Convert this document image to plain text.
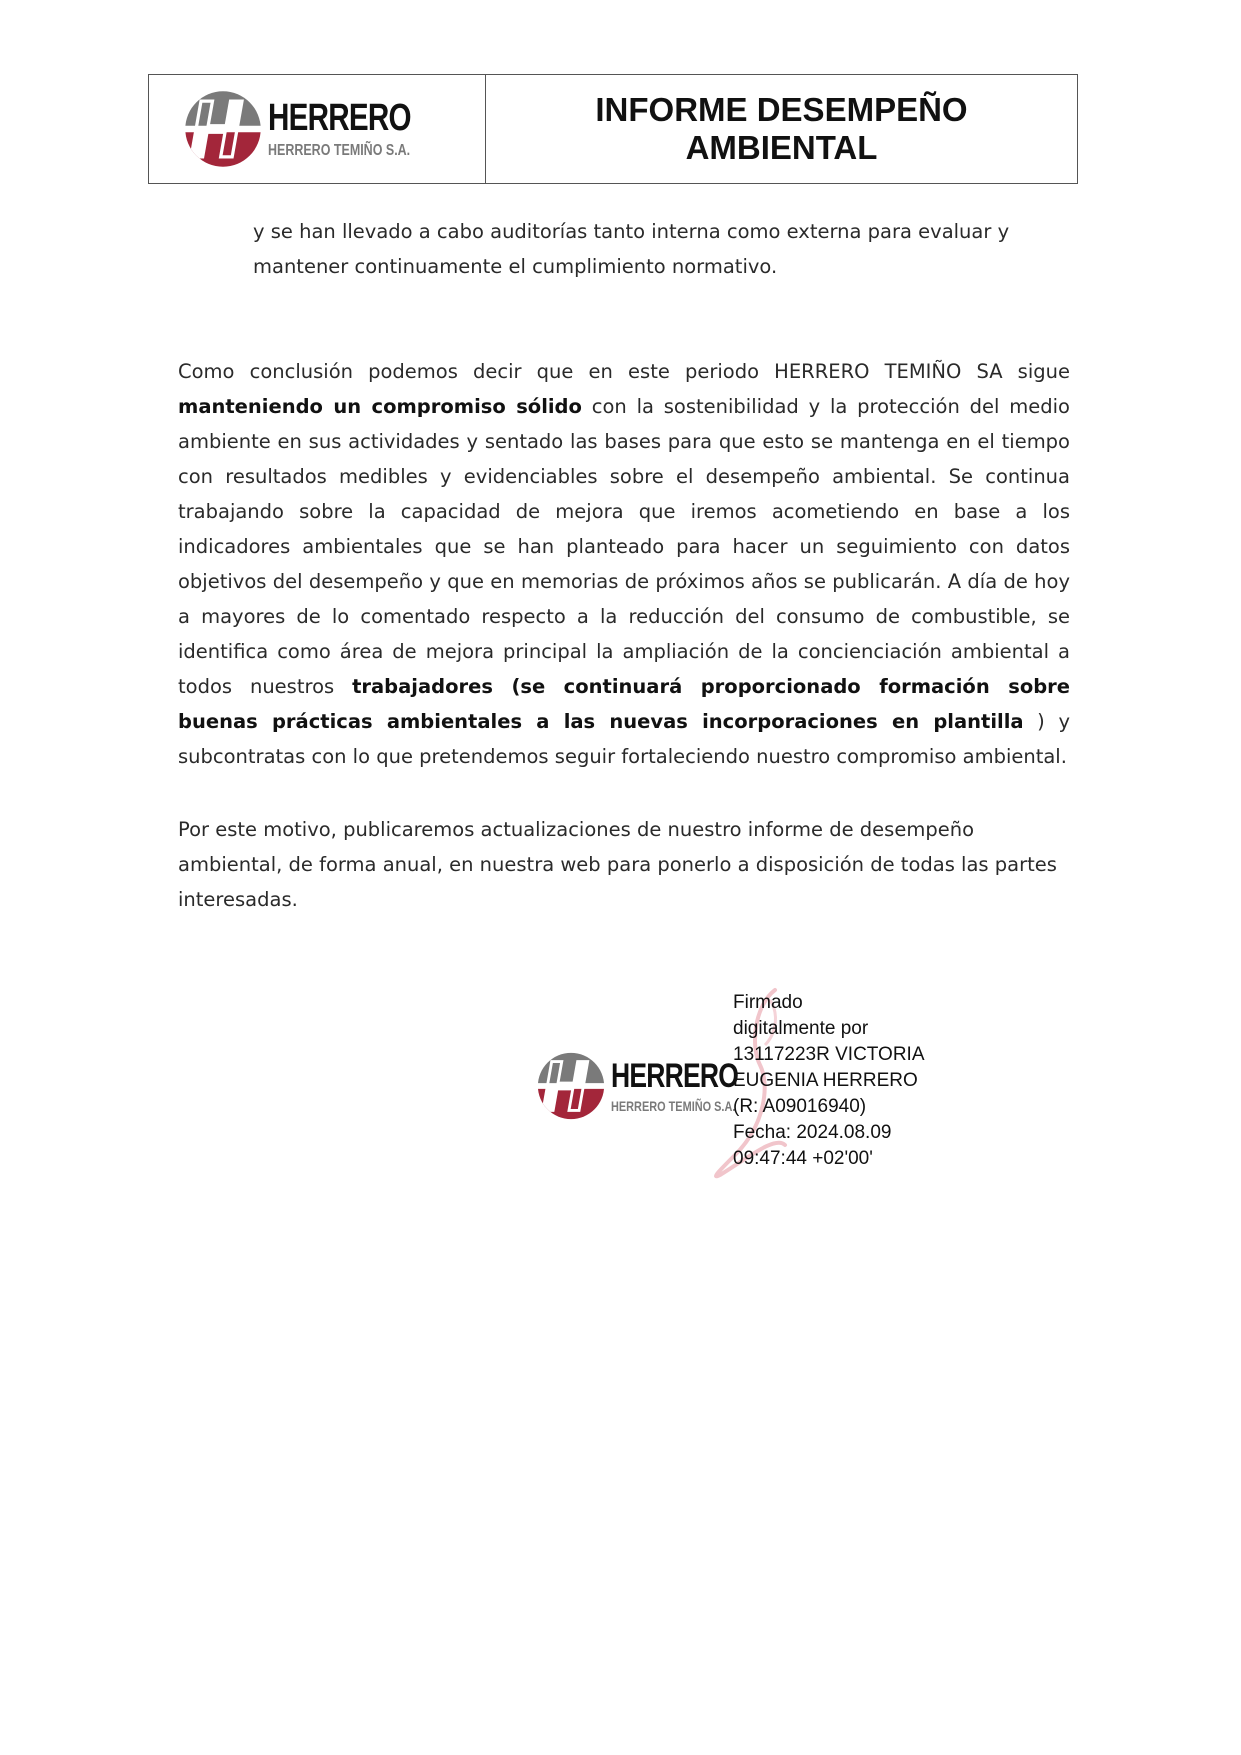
HERRERO
HERRERO TEMIÑO S.A.
INFORME DESEMPEÑO
AMBIENTAL
y se han llevado a cabo auditorías tanto interna como externa para evaluar y mantener continuamente el cumplimiento normativo.
Como conclusión podemos decir que en este periodo HERRERO TEMIÑO SA sigue manteniendo un compromiso sólido con la sostenibilidad y la protección del medio ambiente en sus actividades y sentado las bases para que esto se mantenga en el tiempo con resultados medibles y evidenciables sobre el desempeño ambiental. Se continua trabajando sobre la capacidad de mejora que iremos acometiendo en base a los indicadores ambientales que se han planteado para hacer un seguimiento con datos objetivos del desempeño y que en memorias de próximos años se publicarán. A día de hoy a mayores de lo comentado respecto a la reducción del consumo de combustible, se identifica como área de mejora principal la ampliación de la concienciación ambiental a todos nuestros trabajadores (se continuará proporcionado formación sobre buenas prácticas ambientales a las nuevas incorporaciones en plantilla ) y subcontratas con lo que pretendemos seguir fortaleciendo nuestro compromiso ambiental.
Por este motivo, publicaremos actualizaciones de nuestro informe de desempeño ambiental, de forma anual, en nuestra web para ponerlo a disposición de todas las partes interesadas.
HERRERO
HERRERO TEMIÑO S.A.
Firmado
digitalmente por
13117223R VICTORIA
EUGENIA HERRERO
(R: A09016940)
Fecha: 2024.08.09
09:47:44 +02'00'
